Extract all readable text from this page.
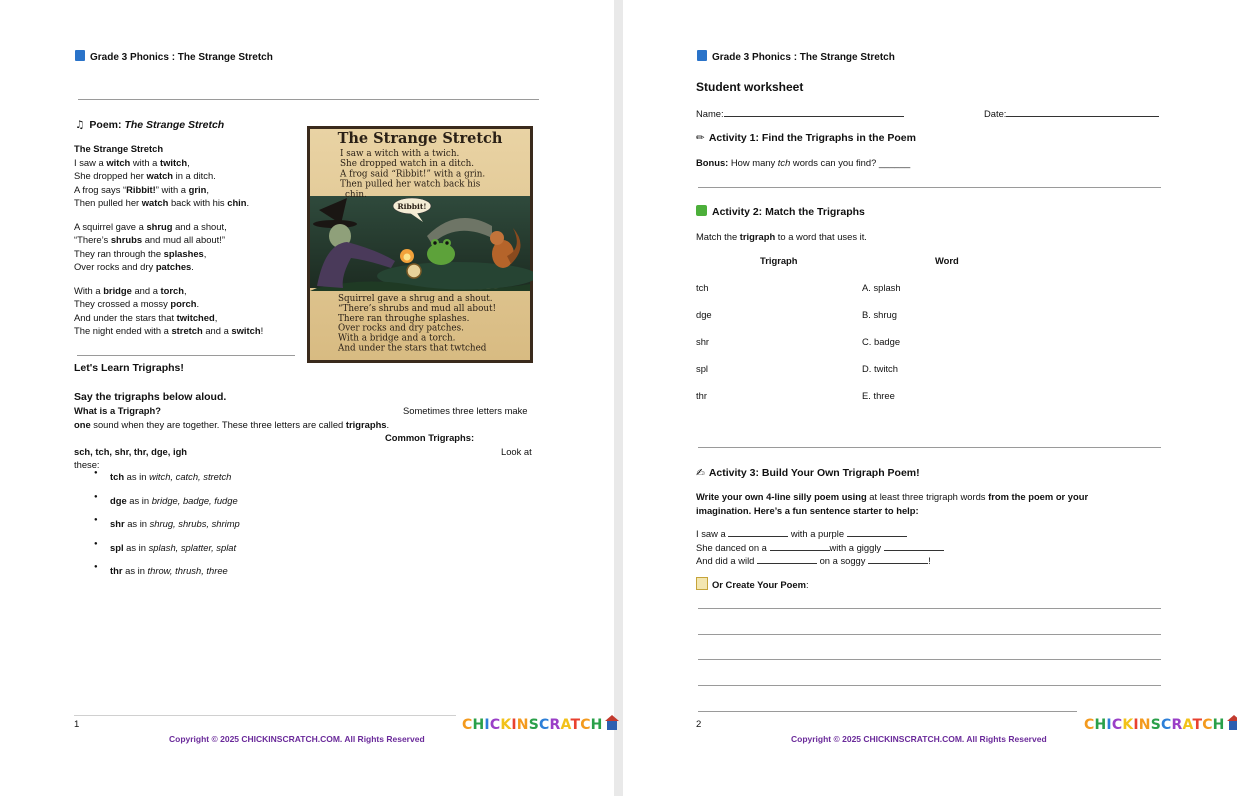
Grade 3 Phonics : The Strange Stretch
♫ Poem: The Strange Stretch
The Strange Stretch
I saw a witch with a twitch,
She dropped her watch in a ditch.
A frog says “Ribbit!” with a grin,
Then pulled her watch back with his chin.
A squirrel gave a shrug and a shout,
“There’s shrubs and mud all about!”
They ran through the splashes,
Over rocks and dry patches.
With a bridge and a torch,
They crossed a mossy porch.
And under the stars that twitched,
The night ended with a stretch and a switch!
Ribbit!
The Strange Stretch
I saw a witch with a twich.
She dropped watch in a ditch.
A frog said “Ribbit!” with a grin.
Then pulled her watch back his
chin.
Squirrel gave a shrug and a shout.
“There’s shrubs and mud all about!
There ran throughe splashes.
Over rocks and dry patches.
With a bridge and a torch.
And under the stars that twtched
Let's Learn Trigraphs!
Say the trigraphs below aloud.
What is a Trigraph?	Sometimes three letters make
one sound when they are together. These three letters are called trigraphs.
Common Trigraphs:
sch, tch, shr, thr, dge, igh	Look at
these:
● tch as in witch, catch, stretch
● dge as in bridge, badge, fudge
● shr as in shrug, shrubs, shrimp
● spl as in splash, splatter, splat
● thr as in throw, thrush, three
1	CHICKINSCRATCH
Copyright © 2025 CHICKINSCRATCH.COM. All Rights Reserved
Grade 3 Phonics : The Strange Stretch
Student worksheet
Name:	Date:
✏ Activity 1: Find the Trigraphs in the Poem
Bonus: How many tch words can you find? ______
Activity 2: Match the Trigraphs
Match the trigraph to a word that uses it.
Trigraph	Word
tch	A. splash
dge	B. shrug
shr	C. badge
spl	D. twitch
thr	E. three
✍ Activity 3: Build Your Own Trigraph Poem!
Write your own 4-line silly poem using at least three trigraph words from the poem or your
imagination. Here’s a fun sentence starter to help:
I saw a	with a purple
She danced on a	with a giggly
And did a wild	on a soggy	!
Or Create Your Poem:
2	CHICKINSCRATCH
Copyright © 2025 CHICKINSCRATCH.COM. All Rights Reserved
